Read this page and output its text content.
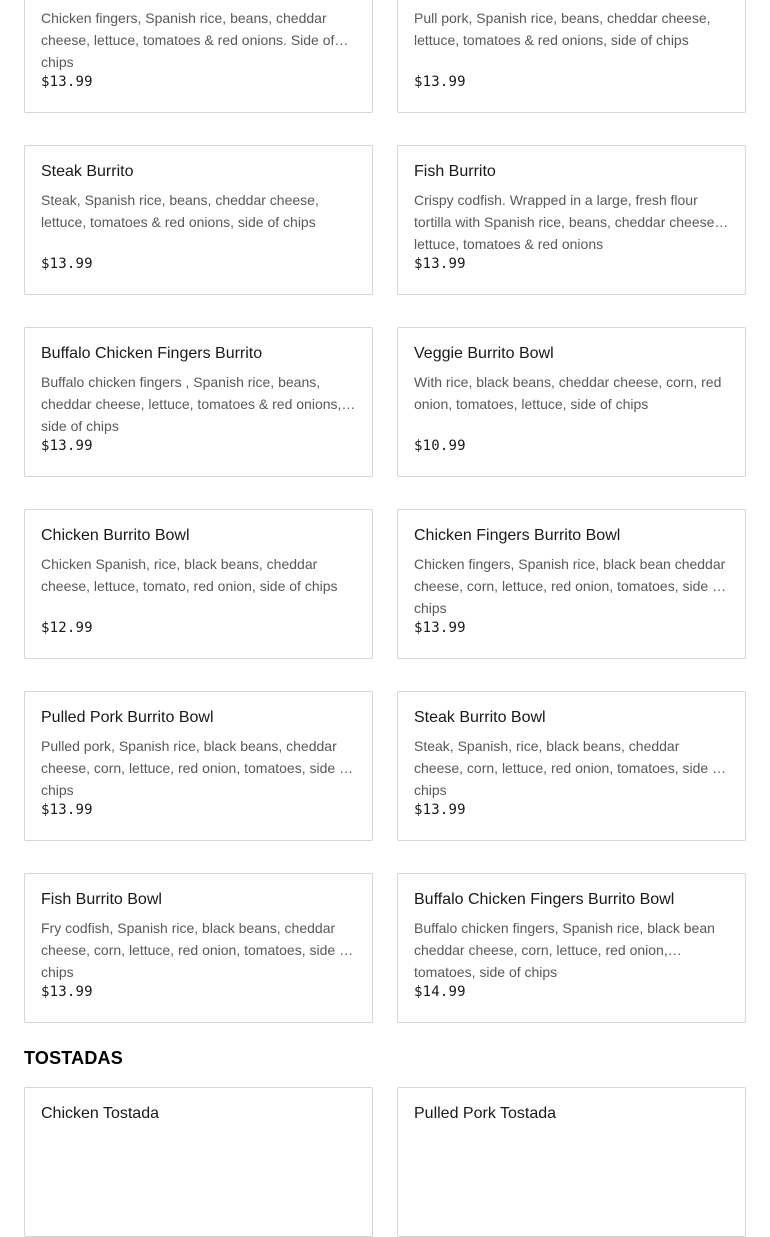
Chicken fingers, Spanish rice, beans, cheddar cheese, lettuce, tomatoes & red onions. Side of chips
$13.99
Pull pork, Spanish rice, beans, cheddar cheese, lettuce, tomatoes & red onions, side of chips
$13.99
Steak Burrito
Steak, Spanish rice, beans, cheddar cheese, lettuce, tomatoes & red onions, side of chips
$13.99
Fish Burrito
Crispy codfish. Wrapped in a large, fresh flour tortilla with Spanish rice, beans, cheddar cheese, lettuce, tomatoes & red onions
$13.99
Buffalo Chicken Fingers Burrito
Buffalo chicken fingers , Spanish rice, beans, cheddar cheese, lettuce, tomatoes & red onions, side of chips
$13.99
Veggie Burrito Bowl
With rice, black beans, cheddar cheese, corn, red onion, tomatoes, lettuce, side of chips
$10.99
Chicken Burrito Bowl
Chicken Spanish, rice, black beans, cheddar cheese, lettuce, tomato, red onion, side of chips
$12.99
Chicken Fingers Burrito Bowl
Chicken fingers, Spanish rice, black bean cheddar cheese, corn, lettuce, red onion, tomatoes, side of chips
$13.99
Pulled Pork Burrito Bowl
Pulled pork, Spanish rice, black beans, cheddar cheese, corn, lettuce, red onion, tomatoes, side of chips
$13.99
Steak Burrito Bowl
Steak, Spanish, rice, black beans, cheddar cheese, corn, lettuce, red onion, tomatoes, side of chips
$13.99
Fish Burrito Bowl
Fry codfish, Spanish rice, black beans, cheddar cheese, corn, lettuce, red onion, tomatoes, side of chips
$13.99
Buffalo Chicken Fingers Burrito Bowl
Buffalo chicken fingers, Spanish rice, black bean cheddar cheese, corn, lettuce, red onion, tomatoes, side of chips
$14.99
TOSTADAS
Chicken Tostada	Pulled Pork Tostada
